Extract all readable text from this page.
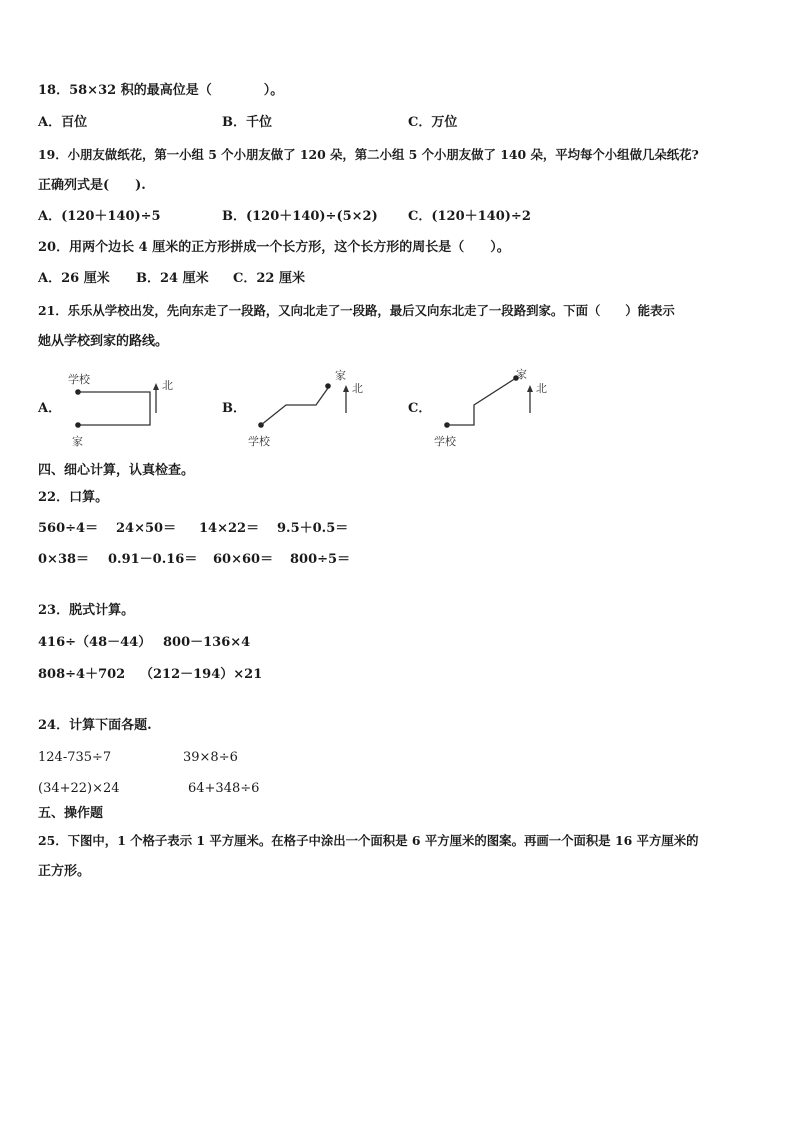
18．58×32 积的最高位是（　　　　）。
A．百位	B．千位	C．万位
19．小朋友做纸花，第一小组 5 个小朋友做了 120 朵，第二小组 5 个小朋友做了 140 朵，平均每个小组做几朵纸花?
正确列式是(　　).
A．(120＋140)÷5	B．(120＋140)÷(5×2) C．(120＋140)÷2
20．用两个边长 4 厘米的正方形拼成一个长方形，这个长方形的周长是（　　）。
A．26 厘米 B．24 厘米 C．22 厘米
21．乐乐从学校出发，先向东走了一段路，又向北走了一段路，最后又向东北走了一段路到家。下面（　　）能表示
她从学校到家的路线。
A．
学校
家
北
B．
学校
家
北
C．
学校
家
北
四、细心计算，认真检查。
22．口算。
560÷4＝ 24×50＝ 14×22＝ 9.5＋0.5＝
0×38＝ 0.91－0.16＝ 60×60＝ 800÷5＝
23．脱式计算。
416÷（48－44） 800－136×4
808÷4＋702 （212－194）×21
24．计算下面各题.
124-735÷7	39×8÷6
(34+22)×24	64+348÷6
五、操作题
25．下图中，1 个格子表示 1 平方厘米。在格子中涂出一个面积是 6 平方厘米的图案。再画一个面积是 16 平方厘米的
正方形。
